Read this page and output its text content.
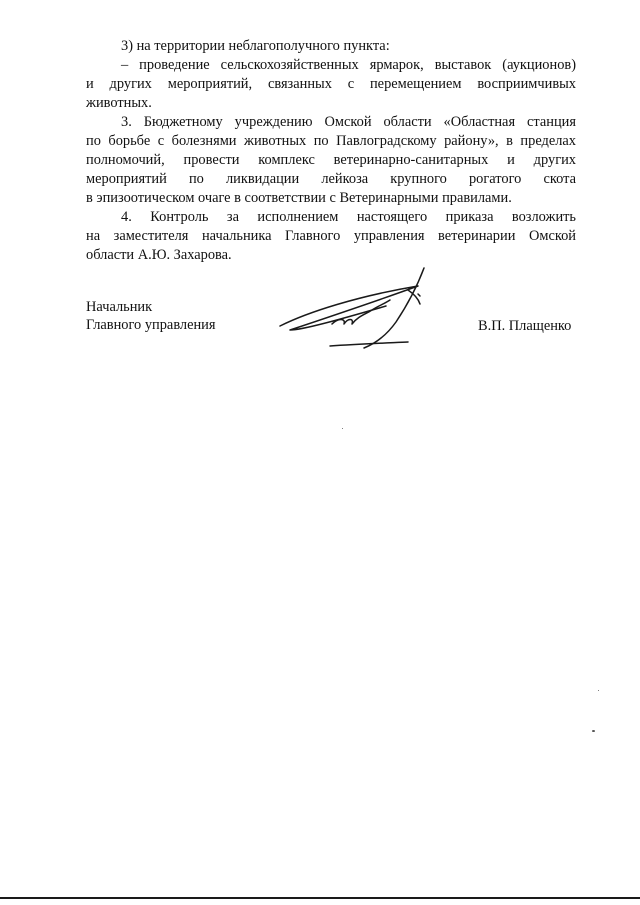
3) на территории неблагополучного пункта:
– проведение сельскохозяйственных ярмарок, выставок (аукционов)
и других мероприятий, связанных с перемещением восприимчивых
животных.
3. Бюджетному учреждению Омской области «Областная станция
по борьбе с болезнями животных по Павлоградскому району», в пределах
полномочий, провести комплекс ветеринарно-санитарных и других
мероприятий по ликвидации лейкоза крупного рогатого скота
в эпизоотическом очаге в соответствии с Ветеринарными правилами.
4. Контроль за исполнением настоящего приказа возложить
на заместителя начальника Главного управления ветеринарии Омской
области А.Ю. Захарова.
Начальник
Главного управления	В.П. Плащенко
